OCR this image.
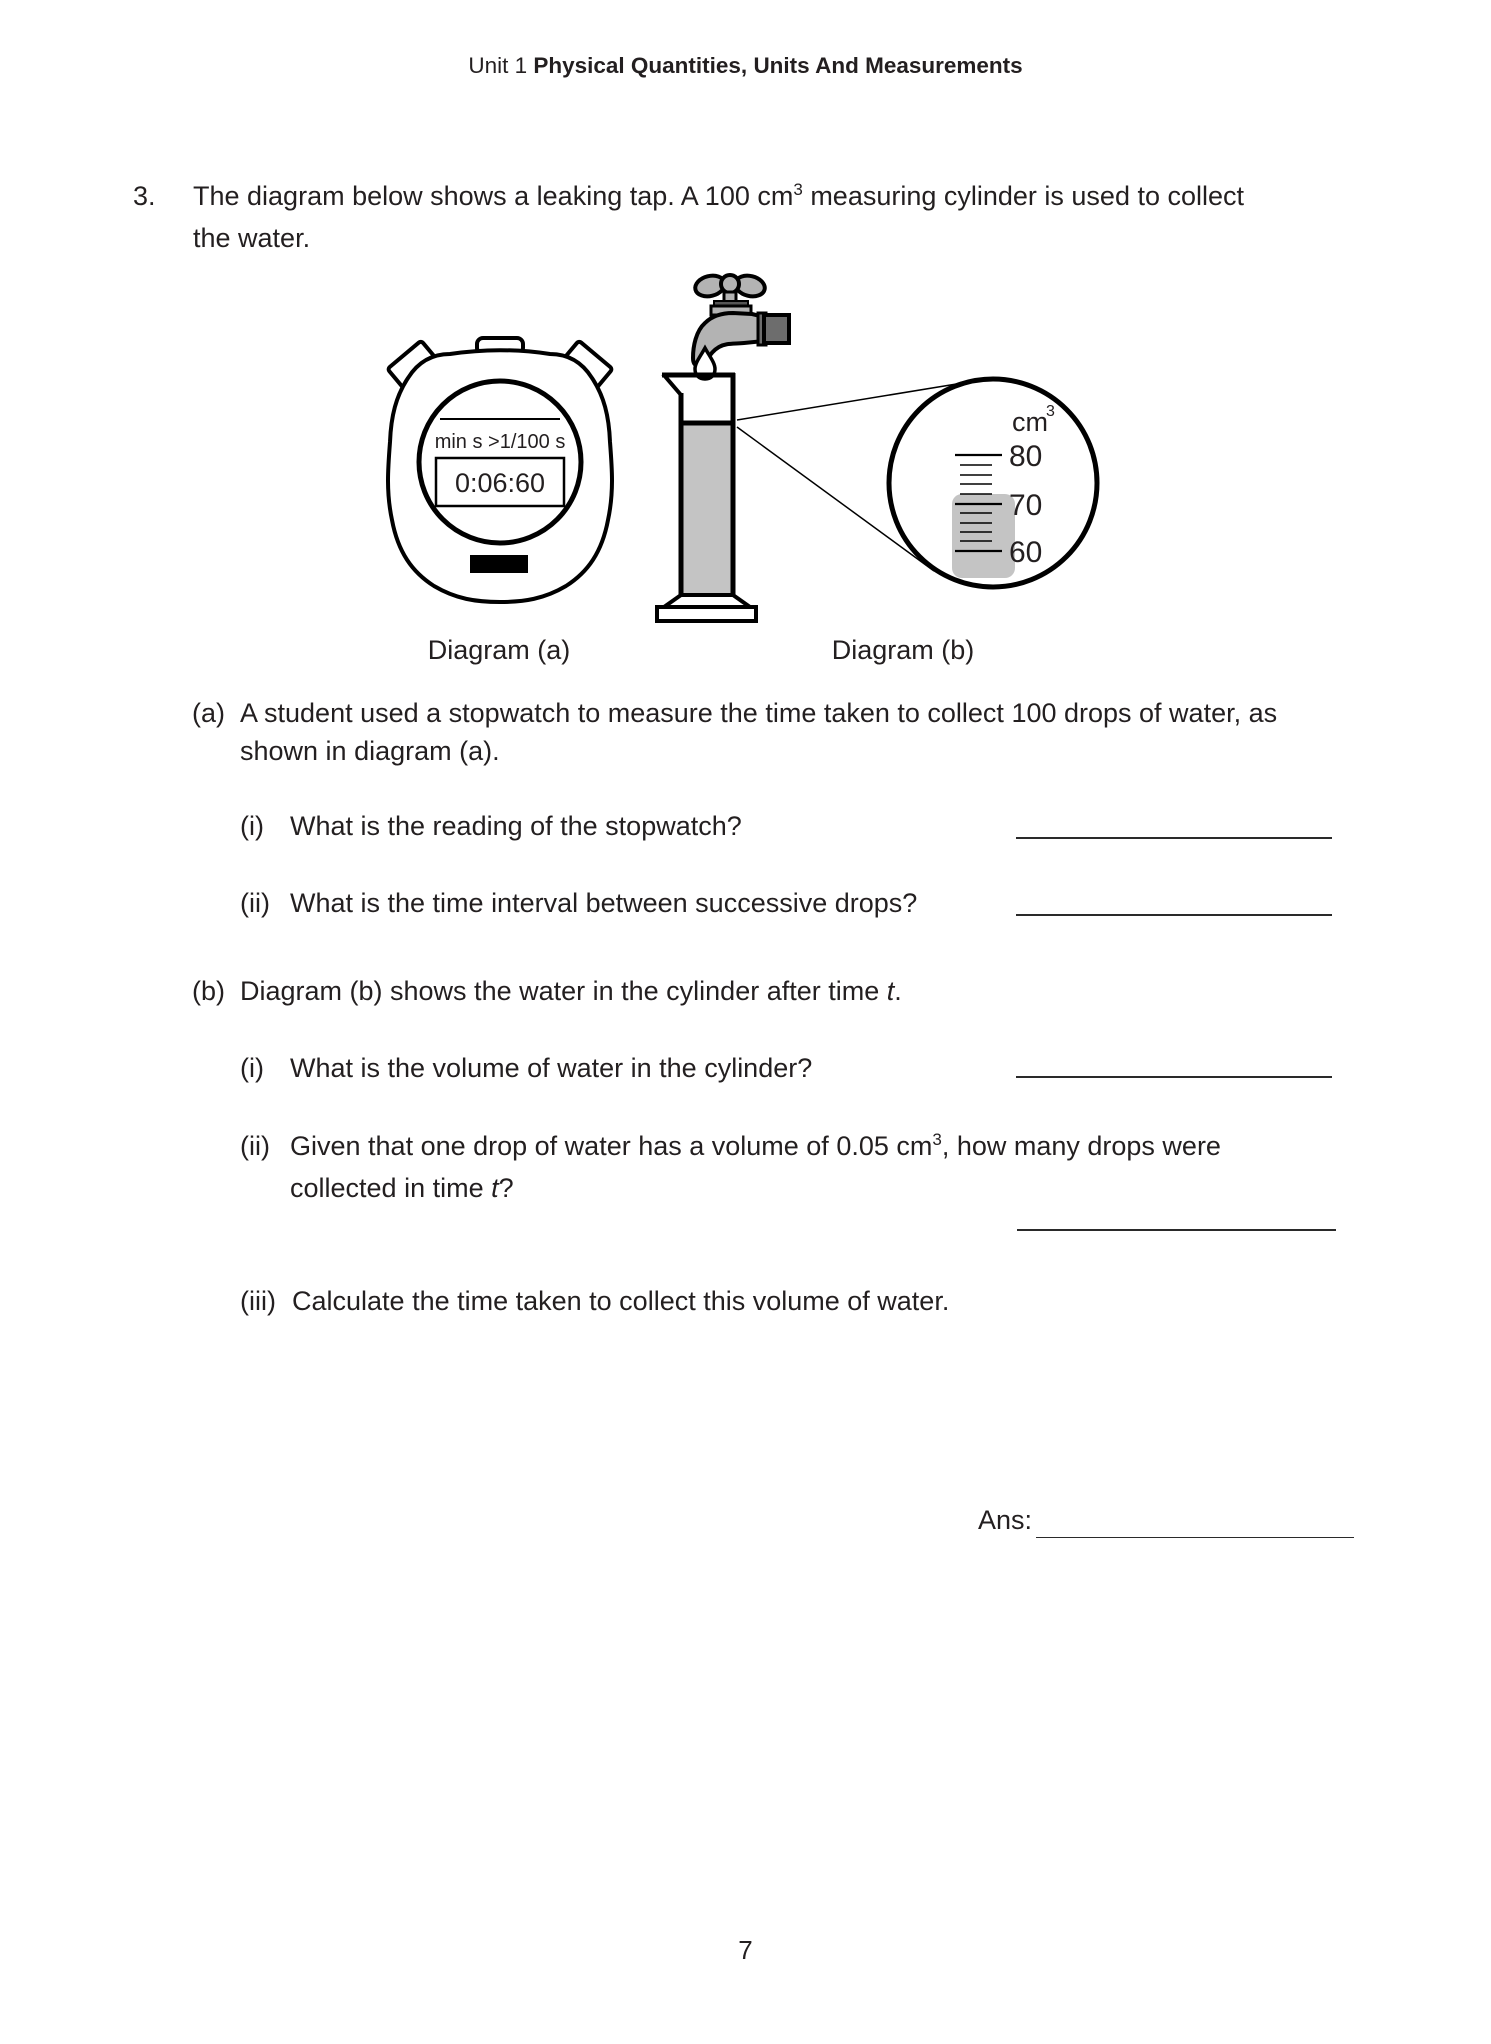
Unit 1 Physical Quantities, Units And Measurements
3. The diagram below shows a leaking tap. A 100 $cm^3$ measuring cylinder is used to collect
the water.
min s >1/100 s
0:06:60
cm
3
80
70
60
Diagram (a)	Diagram (b)
(a) A student used a stopwatch to measure the time taken to collect 100 drops of water, as
shown in diagram (a).
(i) What is the reading of the stopwatch?
(ii) What is the time interval between successive drops?
(b) Diagram (b) shows the water in the cylinder after time t.
(i) What is the volume of water in the cylinder?
(ii) Given that one drop of water has a volume of 0.05 $cm^3$, how many drops were
collected in time t?
(iii) Calculate the time taken to collect this volume of water.
Ans:
7
